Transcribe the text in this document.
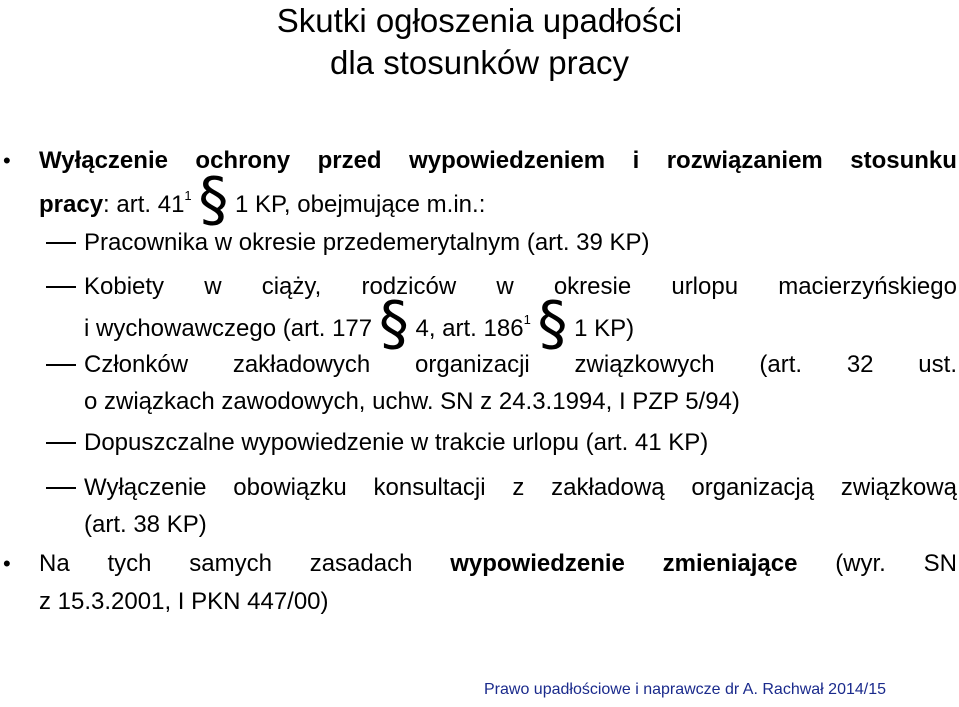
Skutki ogłoszenia upadłości
dla stosunków pracy
• Wyłączenie ochrony przed wypowiedzeniem i rozwiązaniem stosunku
pracy: art. $41^1$ § 1 KP, obejmujące m.in.:
Pracownika w okresie przedemerytalnym (art. 39 KP)
Kobiety w ciąży, rodziców w okresie urlopu macierzyńskiego
i wychowawczego (art. 177 § 4, art. $186^1$ § 1 KP)
Członków zakładowych organizacji związkowych (art. 32 ust.
o związkach zawodowych, uchw. SN z 24.3.1994, I PZP 5/94)
Dopuszczalne wypowiedzenie w trakcie urlopu (art. 41 KP)
Wyłączenie obowiązku konsultacji z zakładową organizacją związkową
(art. 38 KP)
• Na tych samych zasadach wypowiedzenie zmieniające (wyr. SN
z 15.3.2001, I PKN 447/00)
Prawo upadłościowe i naprawcze dr A. Rachwał 2014/15
